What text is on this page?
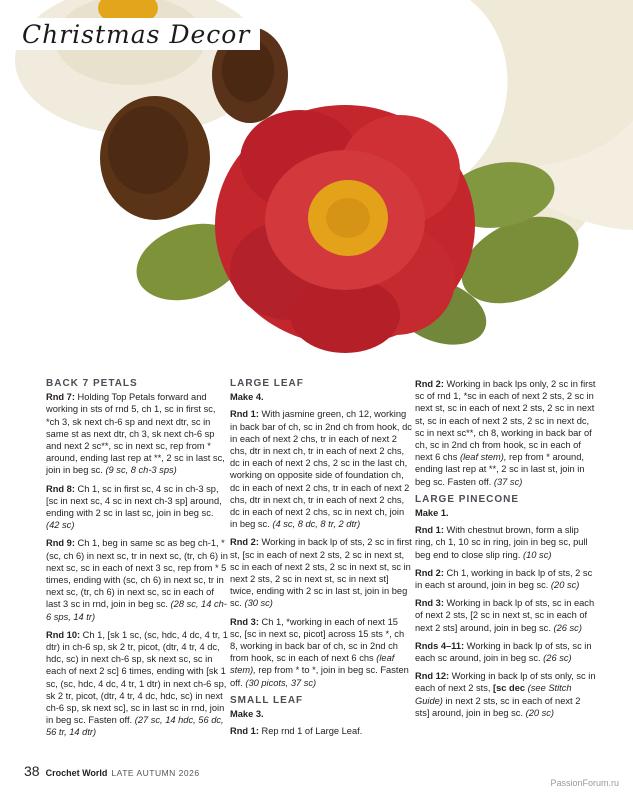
Christmas Decor
BACK 7 PETALS

Rnd 7: Holding Top Petals forward and working in sts of rnd 5, ch 1, sc in first sc, *ch 3, sk next ch-6 sp and next dtr, sc in same st as next dtr, ch 3, sk next ch-6 sp and next 2 sc**, sc in next sc, rep from * around, ending last rep at **, 2 sc in last sc, join in beg sc. (9 sc, 8 ch-3 sps)

Rnd 8: Ch 1, sc in first sc, 4 sc in ch-3 sp, [sc in next sc, 4 sc in next ch-3 sp] around, ending with 2 sc in last sc, join in beg sc. (42 sc)

Rnd 9: Ch 1, beg in same sc as beg ch-1, *(sc, ch 6) in next sc, tr in next sc, (tr, ch 6) in next sc, sc in each of next 3 sc, rep from * 5 times, ending with (sc, ch 6) in next sc, tr in next sc, (tr, ch 6) in next sc, sc in each of last 3 sc in rnd, join in beg sc. (28 sc, 14 ch-6 sps, 14 tr)

Rnd 10: Ch 1, [sk 1 sc, (sc, hdc, 4 dc, 4 tr, 1 dtr) in ch-6 sp, sk 2 tr, picot, (dtr, 4 tr, 4 dc, hdc, sc) in next ch-6 sp, sk next sc, sc in each of next 2 sc] 6 times, ending with [sk 1 sc, (sc, hdc, 4 dc, 4 tr, 1 dtr) in next ch-6 sp, sk 2 tr, picot, (dtr, 4 tr, 4 dc, hdc, sc) in next ch-6 sp, sk next sc], sc in last sc in rnd, join in beg sc. Fasten off. (27 sc, 14 hdc, 56 dc, 56 tr, 14 dtr)

LARGE LEAF
Make 4.

Rnd 1: With jasmine green, ch 12, working in back bar of ch, sc in 2nd ch from hook, dc in each of next 2 chs, tr in each of next 2 chs, dtr in next ch, tr in each of next 2 chs, dc in each of next 2 chs, 2 sc in the last ch, working on opposite side of foundation ch, dc in each of next 2 chs, tr in each of next 2 chs, dtr in next ch, tr in each of next 2 chs, dc in each of next 2 chs, sc in next ch, join in beg sc. (4 sc, 8 dc, 8 tr, 2 dtr)

Rnd 2: Working in back lp of sts, 2 sc in first st, [sc in each of next 2 sts, 2 sc in next st, sc in each of next 2 sts, 2 sc in next st, sc in next 2 sts, 2 sc in next st, sc in next st] twice, ending with 2 sc in last st, join in beg sc. (30 sc)

Rnd 3: Ch 1, *working in each of next 15 sc, [sc in next sc, picot] across 15 sts *, ch 8, working in back bar of ch, sc in 2nd ch from hook, sc in each of next 6 chs (leaf stem), rep from * to *, join in beg sc. Fasten off. (30 picots, 37 sc)

SMALL LEAF
Make 3.

Rnd 1: Rep rnd 1 of Large Leaf.

Rnd 2: Working in back lps only, 2 sc in first sc of rnd 1, *sc in each of next 2 sts, 2 sc in next st, sc in each of next 2 sts, 2 sc in next st, sc in each of next 2 sts, 2 sc in next dc, sc in next sc**, ch 8, working in back bar of ch, sc in 2nd ch from hook, sc in each of next 6 chs (leaf stem), rep from * around, ending last rep at **, 2 sc in last st, join in beg sc. Fasten off. (37 sc)

LARGE PINECONE
Make 1.

Rnd 1: With chestnut brown, form a slip ring, ch 1, 10 sc in ring, join in beg sc, pull beg end to close slip ring. (10 sc)

Rnd 2: Ch 1, working in back lp of sts, 2 sc in each st around, join in beg sc. (20 sc)

Rnd 3: Working in back lp of sts, sc in each of next 2 sts, [2 sc in next st, sc in each of next 2 sts] around, join in beg sc. (26 sc)

Rnds 4–11: Working in back lp of sts, sc in each sc around, join in beg sc. (26 sc)

Rnd 12: Working in back lp of sts only, sc in each of next 2 sts, [sc dec (see Stitch Guide) in next 2 sts, sc in each of next 2 sts] around, join in beg sc. (20 sc)

38 Crochet World LATE AUTUMN 2026
PassionForum.ru
